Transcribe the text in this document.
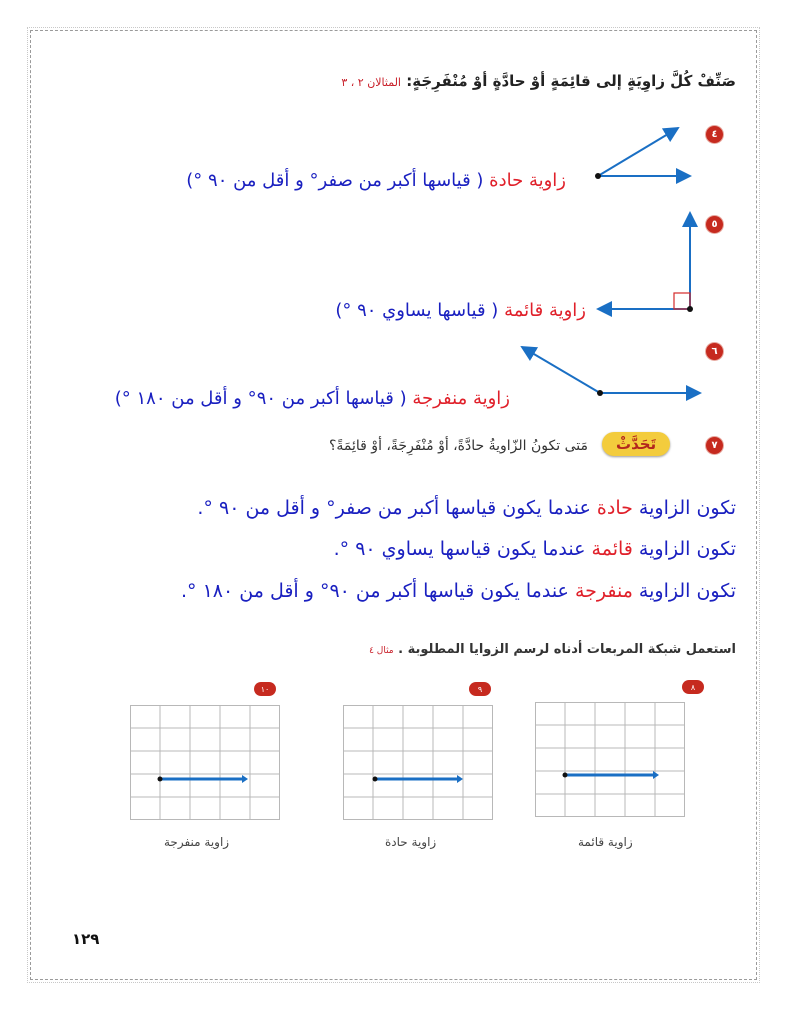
صَنِّفْ كُلَّ زاوِيَةٍ إلى قائِمَةٍ أوْ حادَّةٍ أوْ مُنْفَرِجَةٍ: المثالان ٢ ، ٣
٤
زاوية حادة ( قياسها أكبر من صفر° و أقل من ٩٠ °)
٥
زاوية قائمة ( قياسها يساوي ٩٠ °)
٦
زاوية منفرجة ( قياسها أكبر من ٩٠° و أقل من ١٨٠ °)
٧
تَحَدَّثْ
مَتى تكونُ الزّاويةُ حادَّةً، أوْ مُنْفَرِجَةً، أوْ قائِمَةً؟
تكون الزاوية حادة عندما يكون قياسها أكبر من صفر° و أقل من ٩٠ °.
تكون الزاوية قائمة عندما يكون قياسها يساوي ٩٠ °.
تكون الزاوية منفرجة عندما يكون قياسها أكبر من ٩٠° و أقل من ١٨٠ °.
استعمل شبكة المربعات أدناه لرسم الزوايا المطلوبة . مثال ٤
٨
٩
١٠
زاوية قائمة
زاوية حادة
زاوية منفرجة
١٢٩
